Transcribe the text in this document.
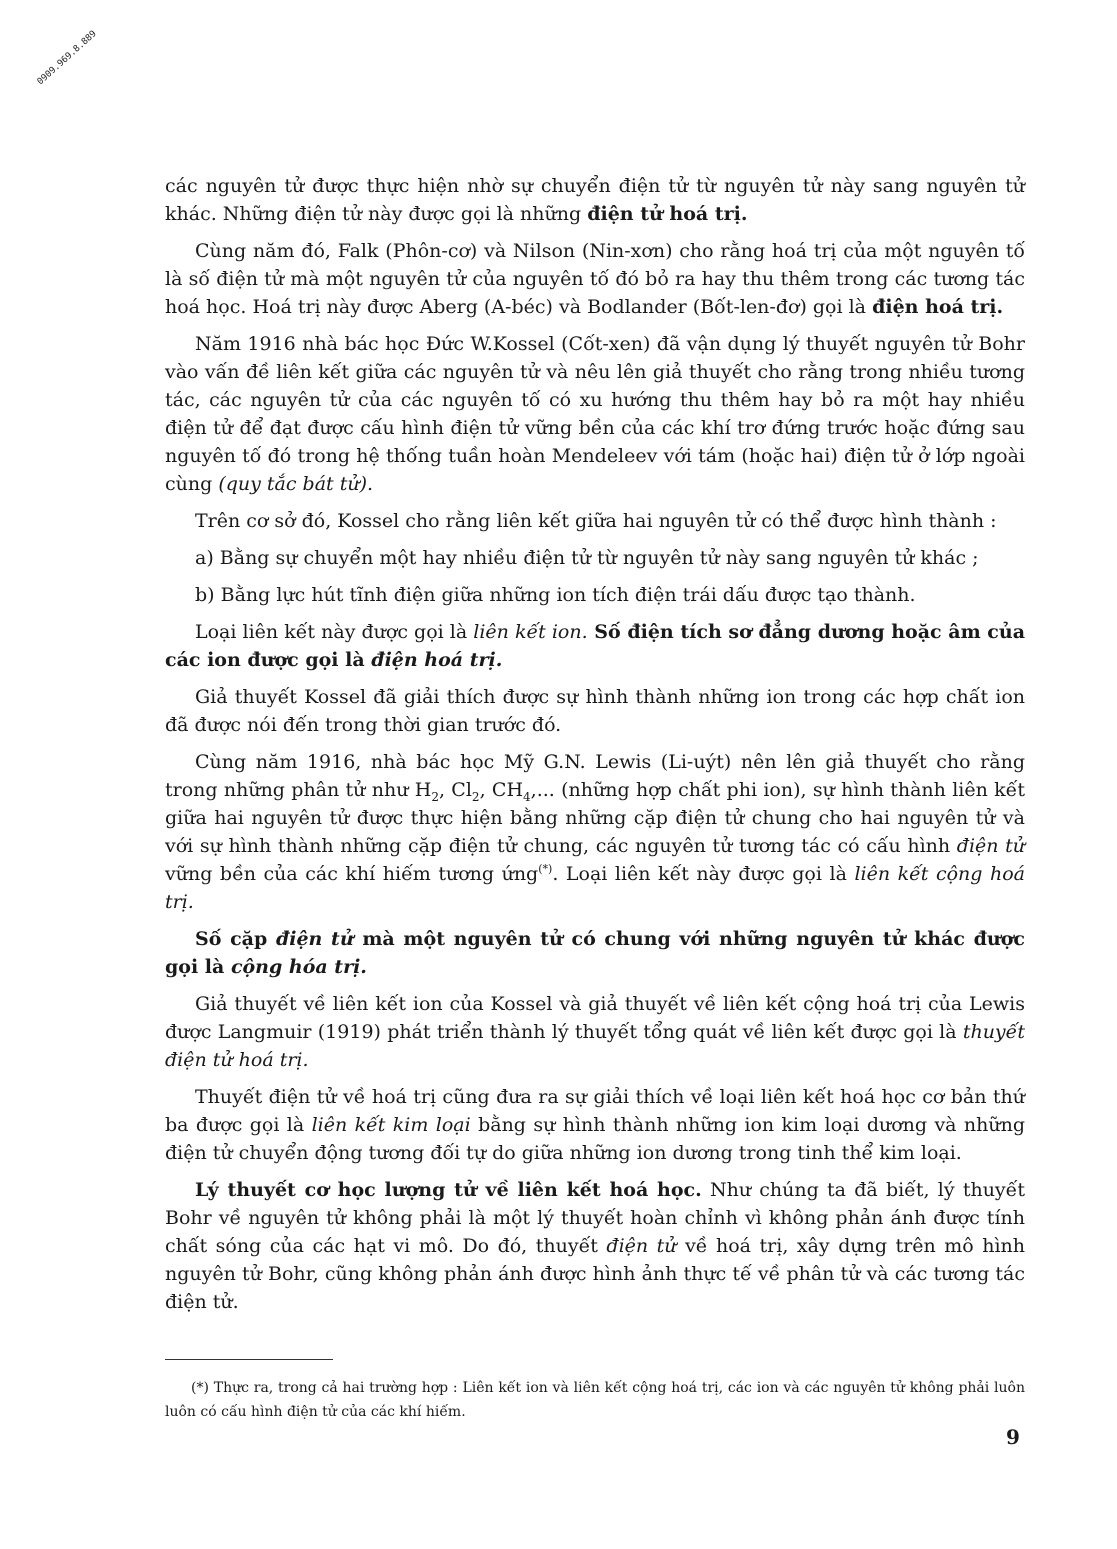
0909.969.8.889

các nguyên tử được thực hiện nhờ sự chuyển điện tử từ nguyên tử này sang nguyên tử khác. Những điện tử này được gọi là những điện tử hoá trị.

Cùng năm đó, Falk (Phôn-cơ) và Nilson (Nin-xơn) cho rằng hoá trị của một nguyên tố là số điện tử mà một nguyên tử của nguyên tố đó bỏ ra hay thu thêm trong các tương tác hoá học. Hoá trị này được Aberg (A-béc) và Bodlander (Bốt-len-đơ) gọi là điện hoá trị.

Năm 1916 nhà bác học Đức W.Kossel (Cốt-xen) đã vận dụng lý thuyết nguyên tử Bohr vào vấn đề liên kết giữa các nguyên tử và nêu lên giả thuyết cho rằng trong nhiều tương tác, các nguyên tử của các nguyên tố có xu hướng thu thêm hay bỏ ra một hay nhiều điện tử để đạt được cấu hình điện tử vững bền của các khí trơ đứng trước hoặc đứng sau nguyên tố đó trong hệ thống tuần hoàn Mendeleev với tám (hoặc hai) điện tử ở lớp ngoài cùng (quy tắc bát tử).

Trên cơ sở đó, Kossel cho rằng liên kết giữa hai nguyên tử có thể được hình thành :

a) Bằng sự chuyển một hay nhiều điện tử từ nguyên tử này sang nguyên tử khác ;

b) Bằng lực hút tĩnh điện giữa những ion tích điện trái dấu được tạo thành.

Loại liên kết này được gọi là liên kết ion. Số điện tích sơ đẳng dương hoặc âm của các ion được gọi là điện hoá trị.

Giả thuyết Kossel đã giải thích được sự hình thành những ion trong các hợp chất ion đã được nói đến trong thời gian trước đó.

Cùng năm 1916, nhà bác học Mỹ G.N. Lewis (Li-uýt) nên lên giả thuyết cho rằng trong những phân tử như $H_2$, $Cl_2$, $CH_4$,... (những hợp chất phi ion), sự hình thành liên kết giữa hai nguyên tử được thực hiện bằng những cặp điện tử chung cho hai nguyên tử và với sự hình thành những cặp điện tử chung, các nguyên tử tương tác có cấu hình điện tử vững bền của các khí hiếm tương ứng(*). Loại liên kết này được gọi là liên kết cộng hoá trị.

Số cặp điện tử mà một nguyên tử có chung với những nguyên tử khác được gọi là cộng hóa trị.

Giả thuyết về liên kết ion của Kossel và giả thuyết về liên kết cộng hoá trị của Lewis được Langmuir (1919) phát triển thành lý thuyết tổng quát về liên kết được gọi là thuyết điện tử hoá trị.

Thuyết điện tử về hoá trị cũng đưa ra sự giải thích về loại liên kết hoá học cơ bản thứ ba được gọi là liên kết kim loại bằng sự hình thành những ion kim loại dương và những điện tử chuyển động tương đối tự do giữa những ion dương trong tinh thể kim loại.

Lý thuyết cơ học lượng tử về liên kết hoá học. Như chúng ta đã biết, lý thuyết Bohr về nguyên tử không phải là một lý thuyết hoàn chỉnh vì không phản ánh được tính chất sóng của các hạt vi mô. Do đó, thuyết điện tử về hoá trị, xây dựng trên mô hình nguyên tử Bohr, cũng không phản ánh được hình ảnh thực tế về phân tử và các tương tác điện tử.

(*) Thực ra, trong cả hai trường hợp : Liên kết ion và liên kết cộng hoá trị, các ion và các nguyên tử không phải luôn luôn có cấu hình điện tử của các khí hiếm.
9
